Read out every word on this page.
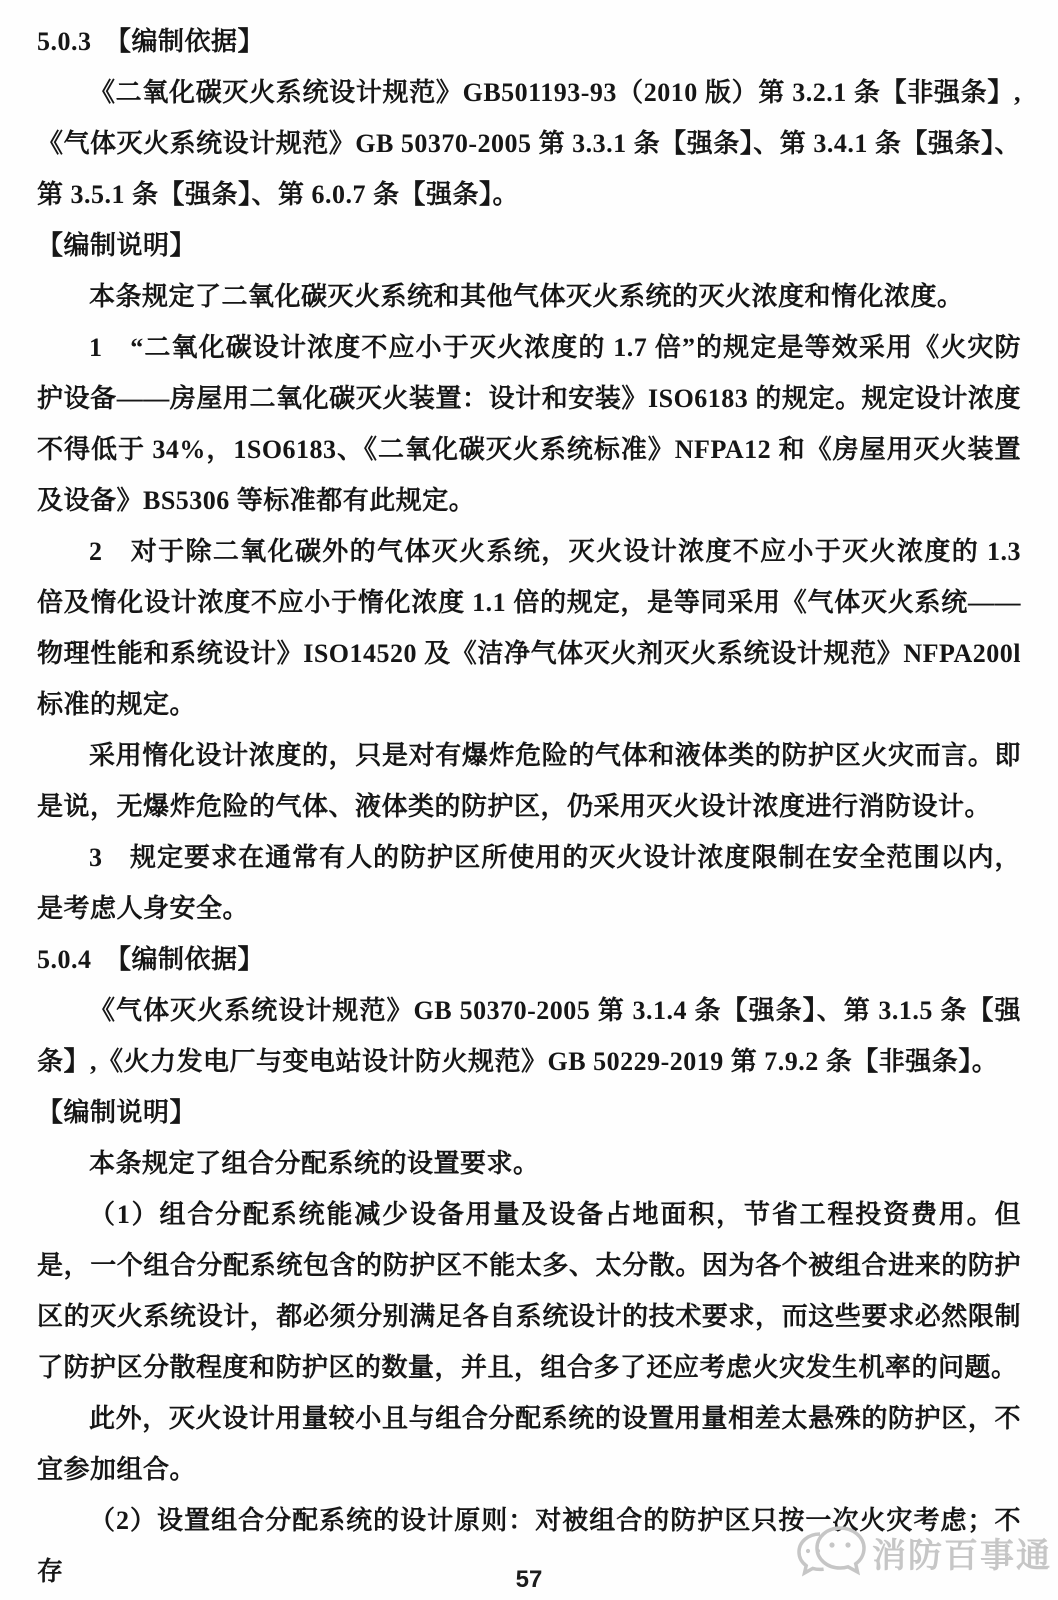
5.0.3　【编制依据】

《二氧化碳灭火系统设计规范》GB501193-93（2010 版）第 3.2.1 条【非强条】,《气体灭火系统设计规范》GB 50370-2005 第 3.3.1 条【强条】、第 3.4.1 条【强条】、第 3.5.1 条【强条】、第 6.0.7 条【强条】。

【编制说明】

本条规定了二氧化碳灭火系统和其他气体灭火系统的灭火浓度和惰化浓度。

1　“二氧化碳设计浓度不应小于灭火浓度的 1.7 倍”的规定是等效采用《火灾防护设备——房屋用二氧化碳灭火装置：设计和安装》ISO6183 的规定。规定设计浓度不得低于 34%，1SO6183、《二氧化碳灭火系统标准》NFPA12 和《房屋用灭火装置及设备》BS5306 等标准都有此规定。

2　对于除二氧化碳外的气体灭火系统，灭火设计浓度不应小于灭火浓度的 1.3 倍及惰化设计浓度不应小于惰化浓度 1.1 倍的规定，是等同采用《气体灭火系统——物理性能和系统设计》ISO14520 及《洁净气体灭火剂灭火系统设计规范》NFPA200l 标准的规定。

采用惰化设计浓度的，只是对有爆炸危险的气体和液体类的防护区火灾而言。即是说，无爆炸危险的气体、液体类的防护区，仍采用灭火设计浓度进行消防设计。

3　规定要求在通常有人的防护区所使用的灭火设计浓度限制在安全范围以内，是考虑人身安全。

5.0.4　【编制依据】

《气体灭火系统设计规范》GB 50370-2005 第 3.1.4 条【强条】、第 3.1.5 条【强条】,《火力发电厂与变电站设计防火规范》GB 50229-2019 第 7.9.2 条【非强条】。

【编制说明】

本条规定了组合分配系统的设置要求。

（1）组合分配系统能减少设备用量及设备占地面积，节省工程投资费用。但是，一个组合分配系统包含的防护区不能太多、太分散。因为各个被组合进来的防护区的灭火系统设计，都必须分别满足各自系统设计的技术要求，而这些要求必然限制了防护区分散程度和防护区的数量，并且，组合多了还应考虑火灾发生机率的问题。

此外，灭火设计用量较小且与组合分配系统的设置用量相差太悬殊的防护区，不宜参加组合。

（2）设置组合分配系统的设计原则：对被组合的防护区只按一次火灾考虑；不存	消防百事通
57
